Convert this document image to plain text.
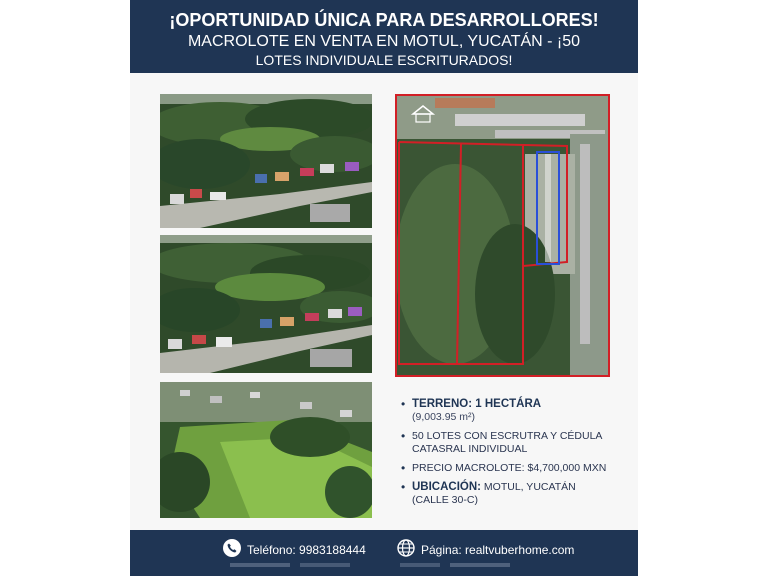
¡OPORTUNIDAD ÚNICA PARA DESARROLLORES!
MACROLOTE EN VENTA EN MOTUL, YUCATÁN - ¡50
LOTES INDIVIDUALE ESCRITURADOS!
• TERRENO: 1 HECTÁRA
(9,003.95 m²)
• 50 LOTES CON ESCRUTRA Y CÉDULA
CATASRAL INDIVIDUAL
• PRECIO MACROLOTE: $4,700,000 MXN
• UBICACIÓN: MOTUL, YUCATÁN
(CALLE 30-C)
Teléfono: 9983188444	Página: realtvuberhome.com
